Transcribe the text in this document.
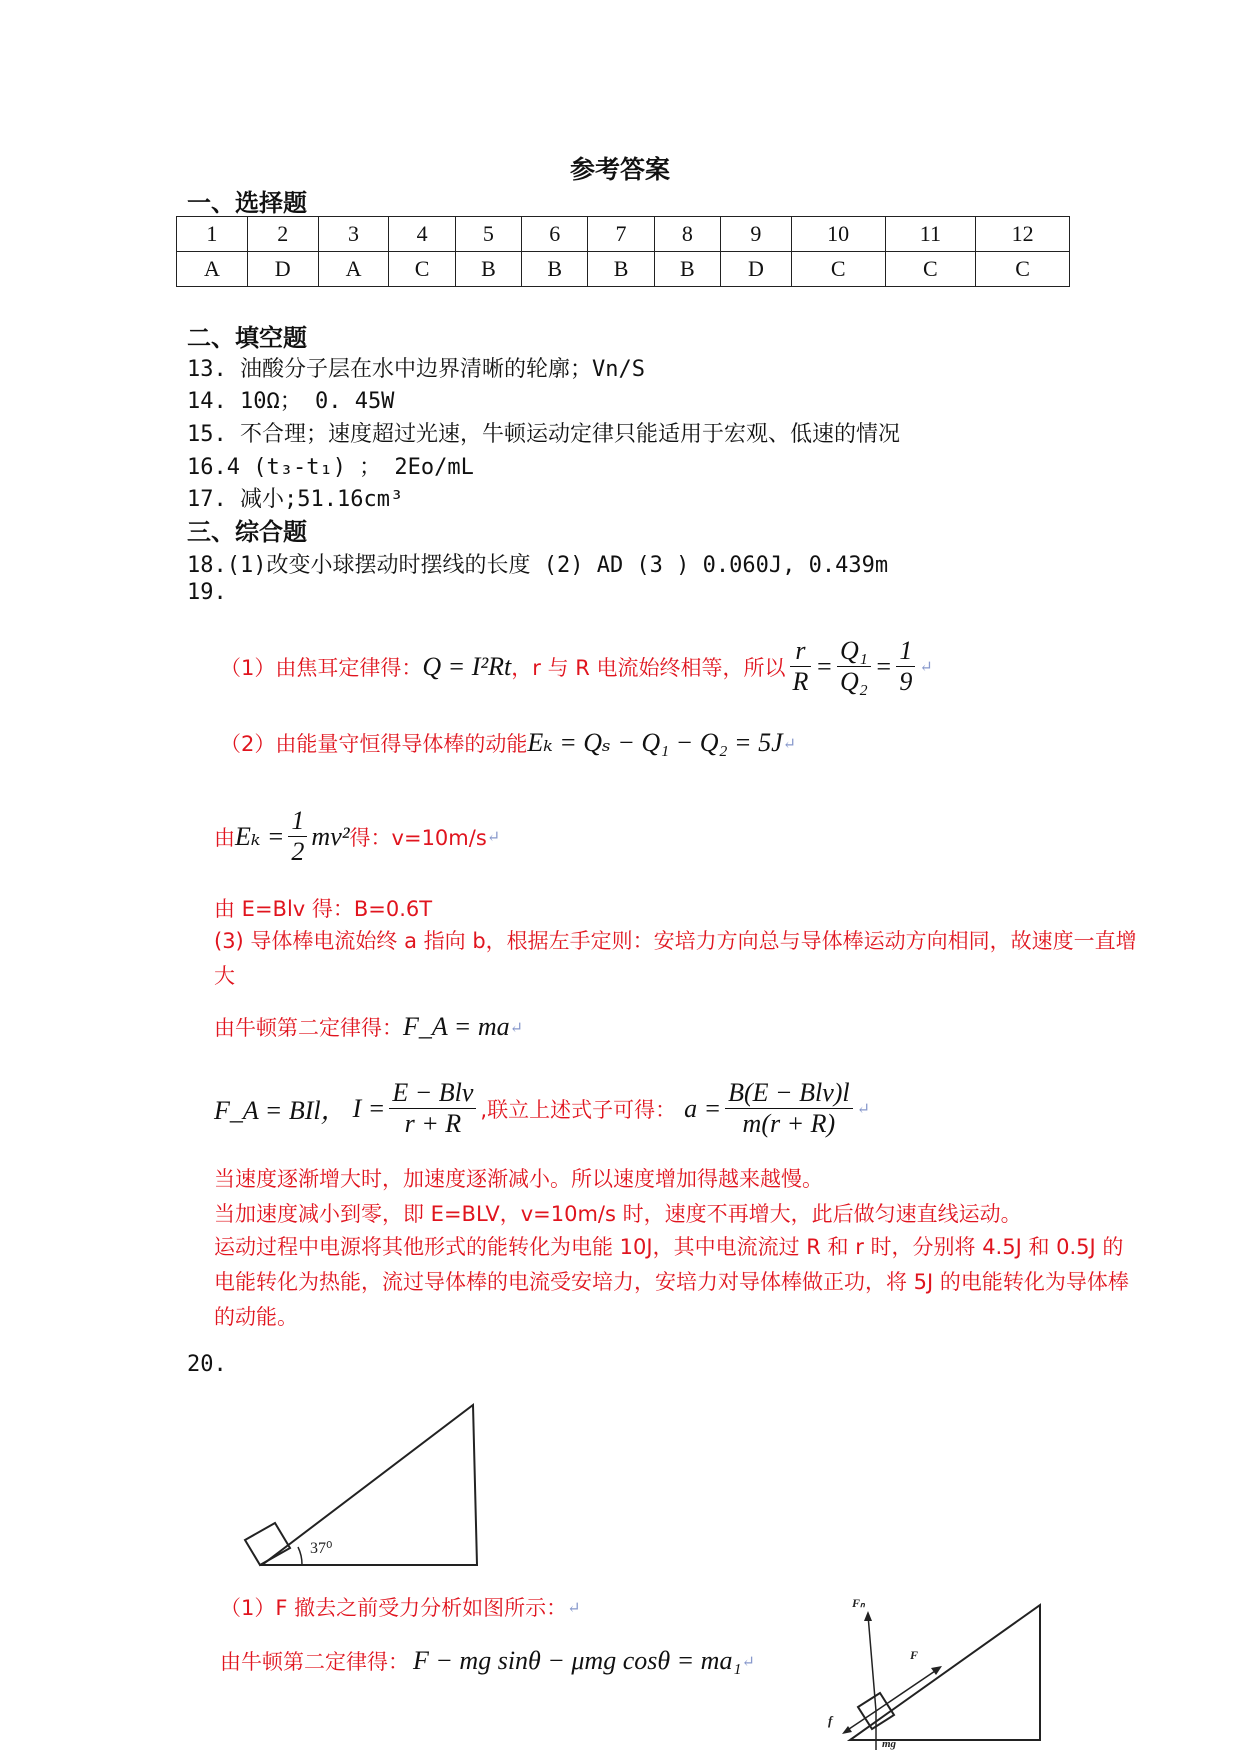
参考答案
一、选择题
1	2	3	4	5	6	7	8	9	10	11	12
A	D	A	C	B	B	B	B	D	C	C	C
二、填空题
13. 油酸分子层在水中边界清晰的轮廓；Vn/S
14. 10Ω； 0. 45W
15. 不合理；速度超过光速，牛顿运动定律只能适用于宏观、低速的情况
16.4 (t₃-t₁) ； 2Eo/mL
17. 减小;51.16cm³
三、综合题
18.(1)改变小球摆动时摆线的长度 (2) AD (3 ) 0.060J, 0.439m
19.
（1）由焦耳定律得： Q = I²Rt ，r 与 R 电流始终相等，所以 $\frac{r}{R} = \frac{\text{Q₁}}{\text{Q₂}} = \frac{1}{9}$ ↵
（2）由能量守恒得导体棒的动能 Eₖ = Qₛ − Q₁ − Q₂ = 5J ↵
由 $E_k = \frac{1}{2} mv^2$ 得：v=10m/s ↵
由 E=Blv 得：B=0.6T
(3) 导体棒电流始终 a 指向 b，根据左手定则：安培力方向总与导体棒运动方向相同，故速度一直增大
由牛顿第二定律得： F_A = ma ↵
F_A = BIl， $I = \frac{\text{E − Blv}}{r + R}$ ,联立上述式子可得： $a = \frac{\text{B(E − Blv)l}}{m(r + R)}$ ↵
当速度逐渐增大时，加速度逐渐减小。所以速度增加得越来越慢。
当加速度减小到零，即 E=BLV，v=10m/s 时，速度不再增大，此后做匀速直线运动。
运动过程中电源将其他形式的能转化为电能 10J，其中电流流过 R 和 r 时，分别将 4.5J 和 0.5J 的电能转化为热能，流过导体棒的电流受安培力，安培力对导体棒做正功，将 5J 的电能转化为导体棒的动能。
20.
37⁰
（1）F 撤去之前受力分析如图所示： ↵
由牛顿第二定律得： F − mg sinθ − μmg cosθ = ma₁ ↵
Fₙ
F
f
mg
